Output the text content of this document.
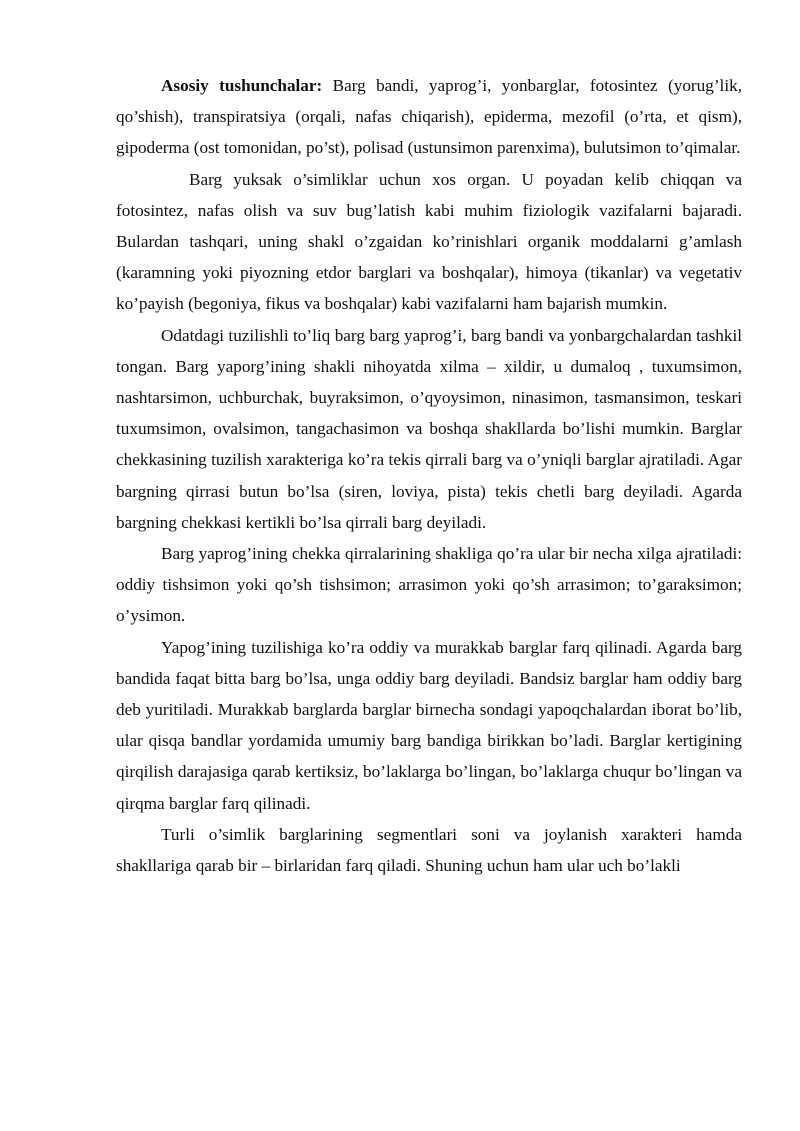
Asosiy tushunchalar: Barg bandi, yaprog’i, yonbarglar, fotosintez (yorug’lik, qo’shish), transpiratsiya (orqali, nafas chiqarish), epiderma, mezofil (o’rta, et qism), gipoderma (ost tomonidan, po’st), polisad (ustunsimon parenxima), bulutsimon to’qimalar.

Barg yuksak o’simliklar uchun xos organ. U poyadan kelib chiqqan va fotosintez, nafas olish va suv bug’latish kabi muhim fiziologik vazifalarni bajaradi. Bulardan tashqari, uning shakl o’zgaidan ko’rinishlari organik moddalarni g’amlash (karamning yoki piyozning etdor barglari va boshqalar), himoya (tikanlar) va vegetativ ko’payish (begoniya, fikus va boshqalar) kabi vazifalarni ham bajarish mumkin.

Odatdagi tuzilishli to’liq barg barg yaprog’i, barg bandi va yonbargchalardan tashkil tongan. Barg yaporg’ining shakli nihoyatda xilma – xildir, u dumaloq , tuxumsimon, nashtarsimon, uchburchak, buyraksimon, o’qyoysimon, ninasimon, tasmansimon, teskari tuxumsimon, ovalsimon, tangachasimon va boshqa shakllarda bo’lishi mumkin. Barglar chekkasining tuzilish xarakteriga ko’ra tekis qirrali barg va o’yniqli barglar ajratiladi. Agar bargning qirrasi butun bo’lsa (siren, loviya, pista) tekis chetli barg deyiladi. Agarda bargning chekkasi kertikli bo’lsa qirrali barg deyiladi.

Barg yaprog’ining chekka qirralarining shakliga qo’ra ular bir necha xilga ajratiladi: oddiy tishsimon yoki qo’sh tishsimon; arrasimon yoki qo’sh arrasimon; to’garaksimon; o’ysimon.

Yapog’ining tuzilishiga ko’ra oddiy va murakkab barglar farq qilinadi. Agarda barg bandida faqat bitta barg bo’lsa, unga oddiy barg deyiladi. Bandsiz barglar ham oddiy barg deb yuritiladi. Murakkab barglarda barglar birnecha sondagi yapoqchalardan iborat bo’lib, ular qisqa bandlar yordamida umumiy barg bandiga birikkan bo’ladi. Barglar kertigining qirqilish darajasiga qarab kertiksiz, bo’laklarga bo’lingan, bo’laklarga chuqur bo’lingan va qirqma barglar farq qilinadi.

Turli o’simlik barglarining segmentlari soni va joylanish xarakteri hamda shakllariga qarab bir – birlaridan farq qiladi. Shuning uchun ham ular uch bo’lakli
